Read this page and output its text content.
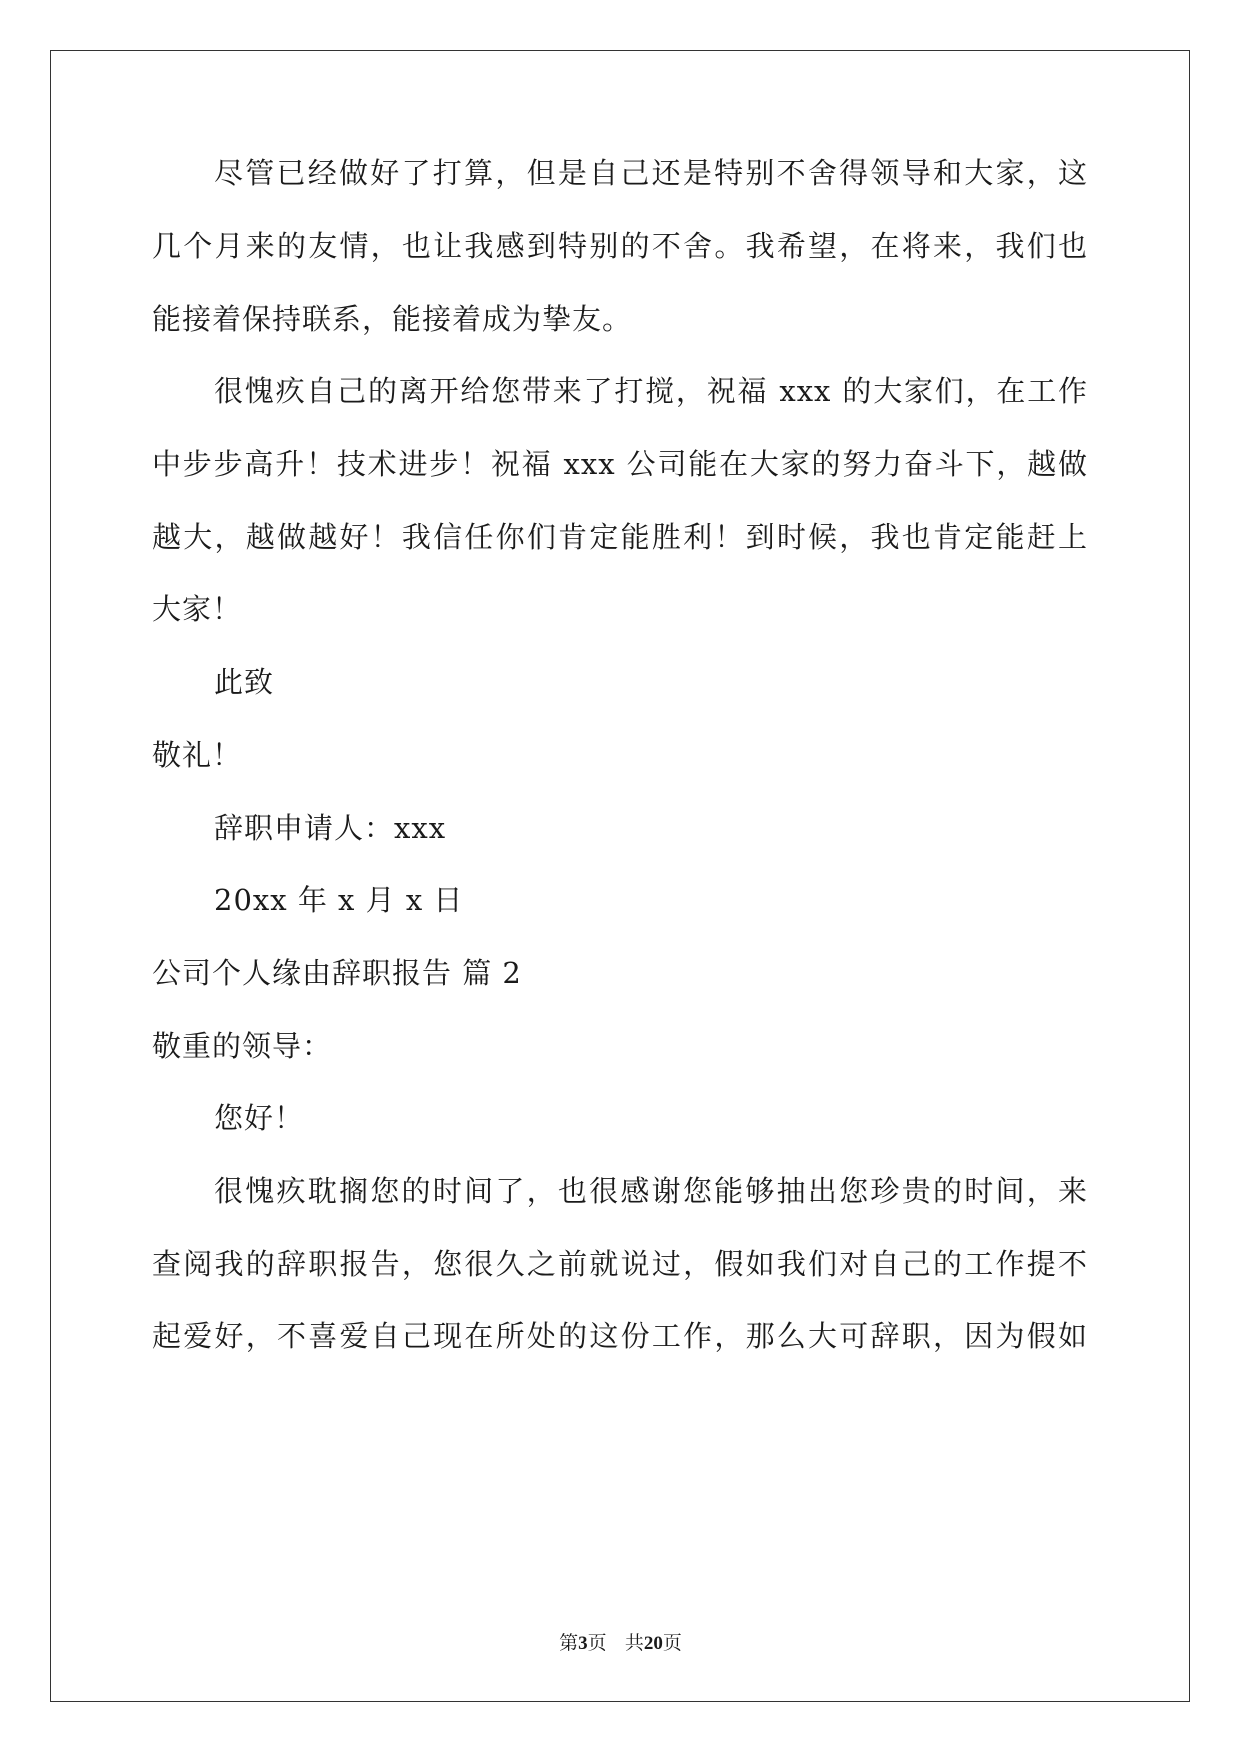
尽管已经做好了打算，但是自己还是特别不舍得领导和大家，这
几个月来的友情，也让我感到特别的不舍。我希望，在将来，我们也
能接着保持联系，能接着成为挚友。
很愧疚自己的离开给您带来了打搅，祝福 xxx 的大家们，在工作
中步步高升！技术进步！祝福 xxx 公司能在大家的努力奋斗下，越做
越大，越做越好！我信任你们肯定能胜利！到时候，我也肯定能赶上
大家！
此致
敬礼！
辞职申请人：xxx
20xx 年 x 月 x 日
公司个人缘由辞职报告 篇 2
敬重的领导：
您好！
很愧疚耽搁您的时间了，也很感谢您能够抽出您珍贵的时间，来
查阅我的辞职报告，您很久之前就说过，假如我们对自己的工作提不
起爱好，不喜爱自己现在所处的这份工作，那么大可辞职，因为假如
第3页 共20页
